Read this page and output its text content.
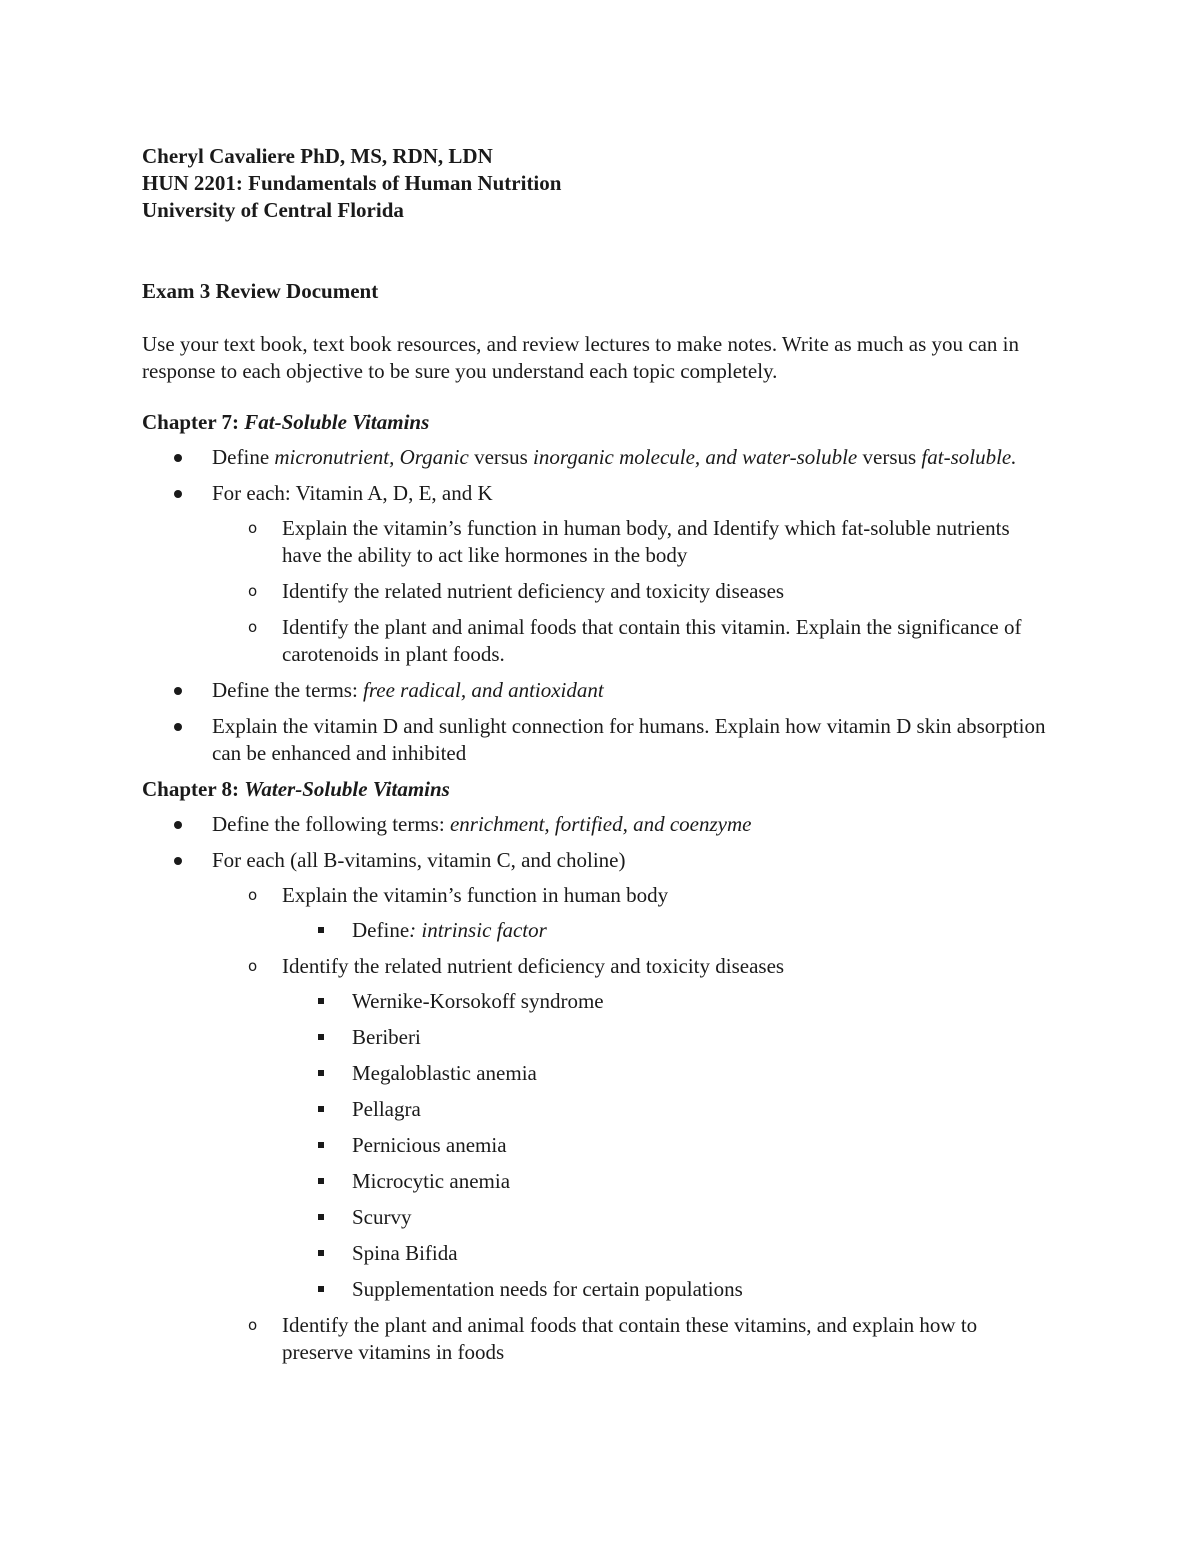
Cheryl Cavaliere PhD, MS, RDN, LDN

HUN 2201: Fundamentals of Human Nutrition

University of Central Florida

Exam 3 Review Document

Use your text book, text book resources, and review lectures to make notes. Write as much as you can in response to each objective to be sure you understand each topic completely.

Chapter 7: Fat-Soluble Vitamins

Define micronutrient, Organic versus inorganic molecule, and water-soluble versus fat-soluble.
For each: Vitamin A, D, E, and K
o Explain the vitamin’s function in human body, and Identify which fat-soluble nutrients have the ability to act like hormones in the body
o Identify the related nutrient deficiency and toxicity diseases
o Identify the plant and animal foods that contain this vitamin. Explain the significance of carotenoids in plant foods.
Define the terms: free radical, and antioxidant
Explain the vitamin D and sunlight connection for humans. Explain how vitamin D skin absorption can be enhanced and inhibited

Chapter 8: Water-Soluble Vitamins

Define the following terms: enrichment, fortified, and coenzyme
For each (all B-vitamins, vitamin C, and choline)
o Explain the vitamin’s function in human body
Define: intrinsic factor
o Identify the related nutrient deficiency and toxicity diseases
Wernike-Korsokoff syndrome
Beriberi
Megaloblastic anemia
Pellagra
Pernicious anemia
Microcytic anemia
Scurvy
Spina Bifida
Supplementation needs for certain populations
o Identify the plant and animal foods that contain these vitamins, and explain how to preserve vitamins in foods
